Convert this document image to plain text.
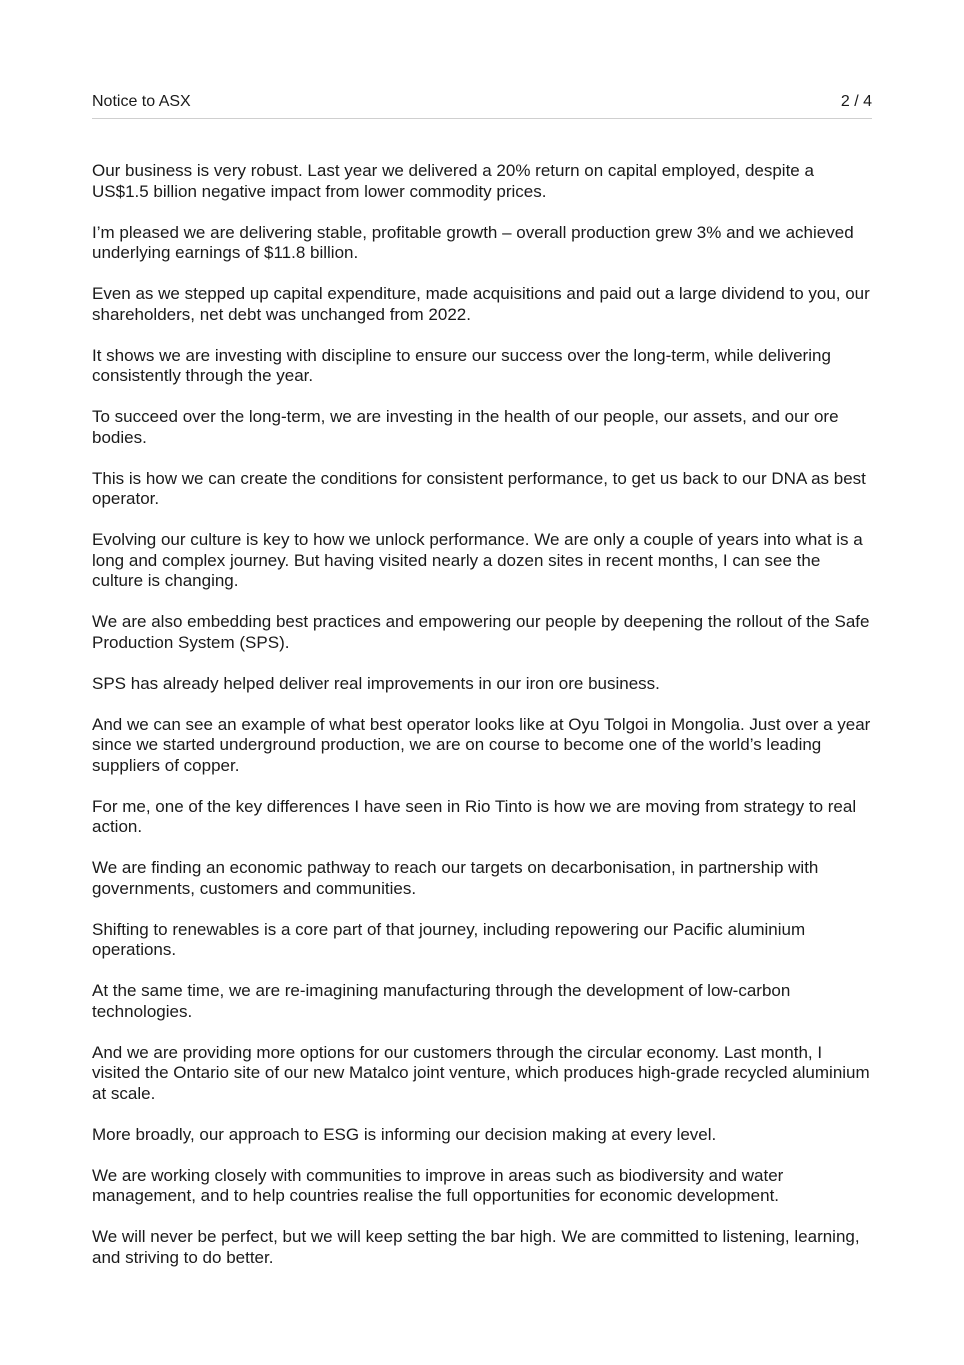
Notice to ASX	2 / 4

Our business is very robust. Last year we delivered a 20% return on capital employed, despite a US$1.5 billion negative impact from lower commodity prices.

I’m pleased we are delivering stable, profitable growth – overall production grew 3% and we achieved underlying earnings of $11.8 billion.

Even as we stepped up capital expenditure, made acquisitions and paid out a large dividend to you, our shareholders, net debt was unchanged from 2022.

It shows we are investing with discipline to ensure our success over the long-term, while delivering consistently through the year.

To succeed over the long-term, we are investing in the health of our people, our assets, and our ore bodies.

This is how we can create the conditions for consistent performance, to get us back to our DNA as best operator.

Evolving our culture is key to how we unlock performance. We are only a couple of years into what is a long and complex journey. But having visited nearly a dozen sites in recent months, I can see the culture is changing.

We are also embedding best practices and empowering our people by deepening the rollout of the Safe Production System (SPS).

SPS has already helped deliver real improvements in our iron ore business.

And we can see an example of what best operator looks like at Oyu Tolgoi in Mongolia. Just over a year since we started underground production, we are on course to become one of the world’s leading suppliers of copper.

For me, one of the key differences I have seen in Rio Tinto is how we are moving from strategy to real action.

We are finding an economic pathway to reach our targets on decarbonisation, in partnership with governments, customers and communities.

Shifting to renewables is a core part of that journey, including repowering our Pacific aluminium operations.

At the same time, we are re-imagining manufacturing through the development of low-carbon technologies.

And we are providing more options for our customers through the circular economy. Last month, I visited the Ontario site of our new Matalco joint venture, which produces high-grade recycled aluminium at scale.

More broadly, our approach to ESG is informing our decision making at every level.

We are working closely with communities to improve in areas such as biodiversity and water management, and to help countries realise the full opportunities for economic development.

We will never be perfect, but we will keep setting the bar high. We are committed to listening, learning, and striving to do better.
